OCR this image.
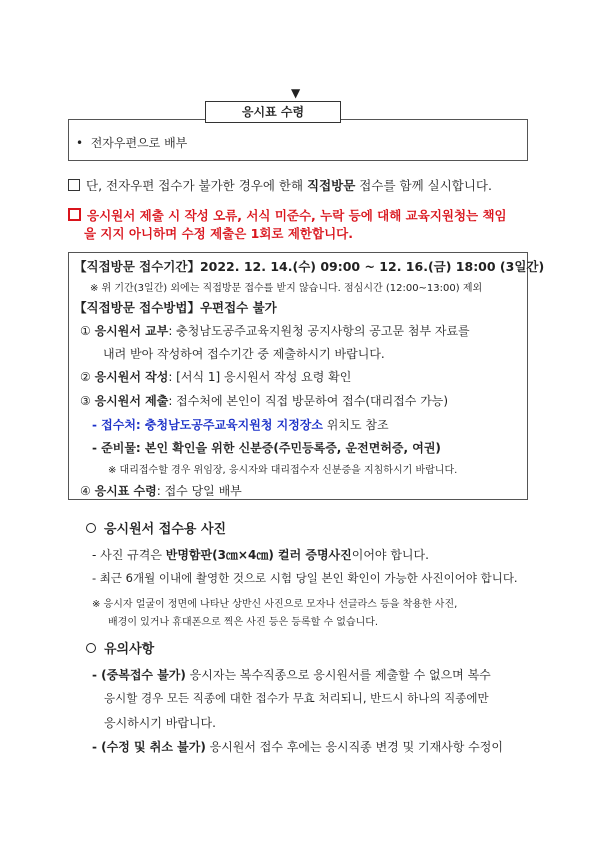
▼
응시표 수령
•  전자우편으로 배부
단, 전자우편 접수가 불가한 경우에 한해 직접방문 접수를 함께 실시합니다.
응시원서 제출 시 작성 오류, 서식 미준수, 누락 등에 대해 교육지원청는 책임
을 지지 아니하며 수정 제출은 1회로 제한합니다.
【직접방문 접수기간】2022. 12. 14.(수) 09:00 ~ 12. 16.(금) 18:00 (3일간)
※ 위 기간(3일간) 외에는 직접방문 접수를 받지 않습니다. 점심시간 (12:00~13:00) 제외
【직접방문 접수방법】우편접수 불가
① 응시원서 교부: 충청남도공주교육지원청 공지사항의 공고문 첨부 자료를
내려 받아 작성하여 접수기간 중 제출하시기 바랍니다.
② 응시원서 작성: [서식 1] 응시원서 작성 요령 확인
③ 응시원서 제출: 접수처에 본인이 직접 방문하여 접수(대리접수 가능)
- 접수처: 충청남도공주교육지원청 지정장소 위치도 참조
- 준비물: 본인 확인을 위한 신분증(주민등록증, 운전면허증, 여권)
※ 대리접수할 경우 위임장, 응시자와 대리접수자 신분증을 지침하시기 바랍니다.
④ 응시표 수령: 접수 당일 배부
응시원서 접수용 사진
- 사진 규격은 반명함판(3㎝×4㎝) 컬러 증명사진이어야 합니다.
- 최근 6개월 이내에 촬영한 것으로 시험 당일 본인 확인이 가능한 사진이어야 합니다.
※ 응시자 얼굴이 정면에 나타난 상반신 사진으로 모자나 선글라스 등을 착용한 사진,
배경이 있거나 휴대폰으로 찍은 사진 등은 등록할 수 없습니다.
유의사항
- (중복접수 불가) 응시자는 복수직종으로 응시원서를 제출할 수 없으며 복수
응시할 경우 모든 직종에 대한 접수가 무효 처리되니, 반드시 하나의 직종에만
응시하시기 바랍니다.
- (수정 및 취소 불가) 응시원서 접수 후에는 응시직종 변경 및 기재사항 수정이
